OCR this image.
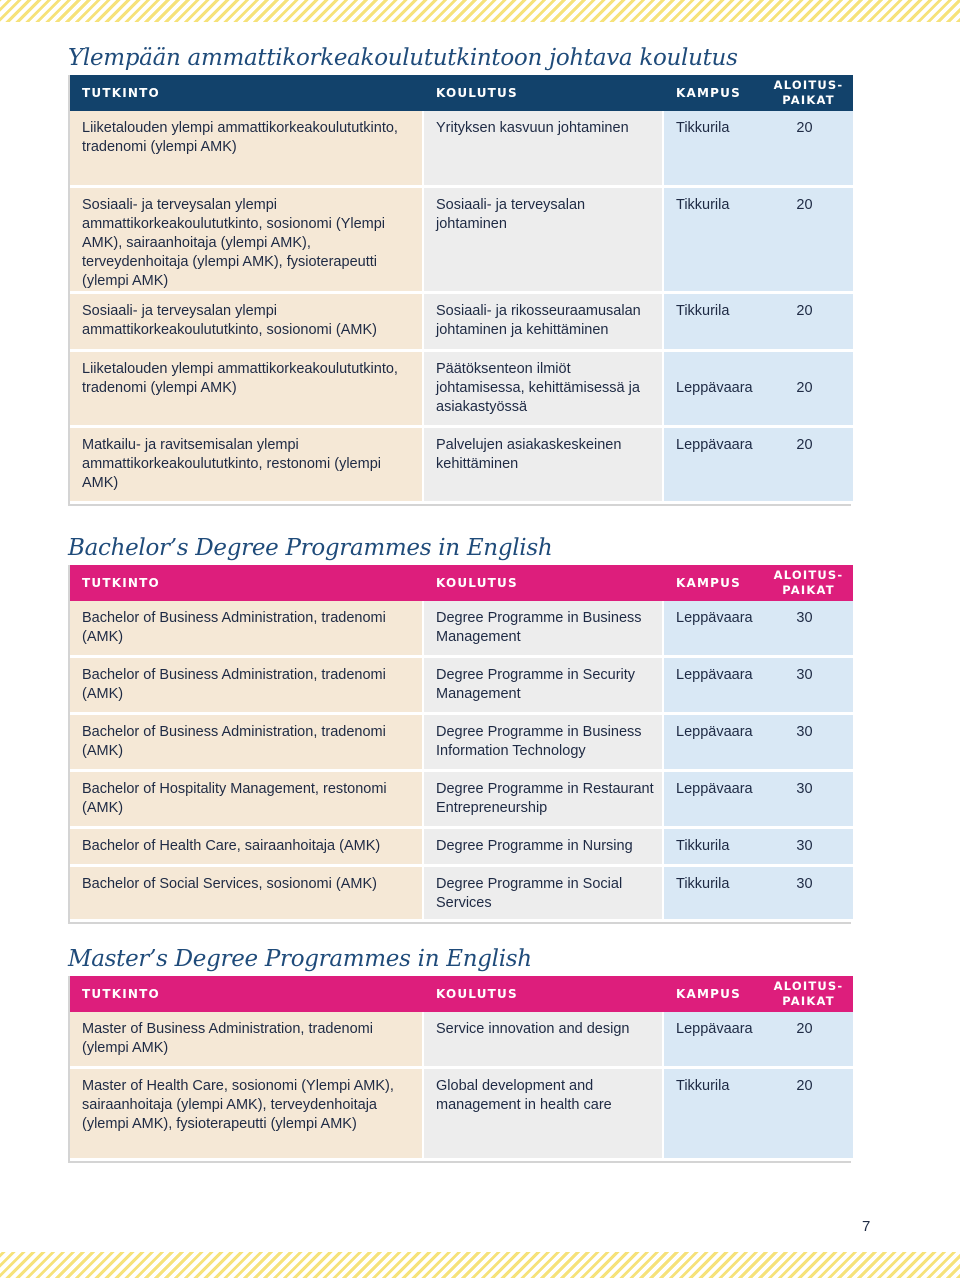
Ylempään ammattikorkeakoulututkintoon johtava koulutus
TUTKINTO	KOULUTUS	KAMPUS	ALOITUS-
PAIKAT
Liiketalouden ylempi ammattikorkeakoulututkinto, tradenomi (ylempi AMK)	Yrityksen kasvuun johtaminen	Tikkurila	20
Sosiaali- ja terveysalan ylempi ammattikorkeakoulututkinto, sosionomi (Ylempi AMK), sairaanhoitaja (ylempi AMK), terveydenhoitaja (ylempi AMK), fysioterapeutti (ylempi AMK)	Sosiaali- ja terveysalan johtaminen	Tikkurila	20
Sosiaali- ja terveysalan ylempi ammattikorkeakoulututkinto, sosionomi (AMK)	Sosiaali- ja rikosseuraamusalan johtaminen ja kehittäminen	Tikkurila	20
Liiketalouden ylempi ammattikorkeakoulututkinto, tradenomi (ylempi AMK)	Päätöksenteon ilmiöt johtamisessa, kehittämisessä ja asiakastyössä	Leppävaara	20
Matkailu- ja ravitsemisalan ylempi ammattikorkeakoulututkinto, restonomi (ylempi AMK)	Palvelujen asiakaskeskeinen kehittäminen	Leppävaara	20
Bachelor’s Degree Programmes in English
TUTKINTO	KOULUTUS	KAMPUS	ALOITUS-
PAIKAT
Bachelor of Business Administration, tradenomi (AMK)	Degree Programme in Business Management	Leppävaara	30
Bachelor of Business Administration, tradenomi (AMK)	Degree Programme in Security Management	Leppävaara	30
Bachelor of Business Administration, tradenomi (AMK)	Degree Programme in Business Information Technology	Leppävaara	30
Bachelor of Hospitality Management, restonomi (AMK)	Degree Programme in Restaurant Entrepreneurship	Leppävaara	30
Bachelor of Health Care, sairaanhoitaja (AMK)	Degree Programme in Nursing	Tikkurila	30
Bachelor of Social Services, sosionomi (AMK)	Degree Programme in Social Services	Tikkurila	30
Master’s Degree Programmes in English
TUTKINTO	KOULUTUS	KAMPUS	ALOITUS-
PAIKAT
Master of Business Administration, tradenomi (ylempi AMK)	Service innovation and design	Leppävaara	20
Master of Health Care, sosionomi (Ylempi AMK), sairaanhoitaja (ylempi AMK), terveydenhoitaja (ylempi AMK), fysioterapeutti (ylempi AMK)	Global development and management in health care	Tikkurila	20
7
